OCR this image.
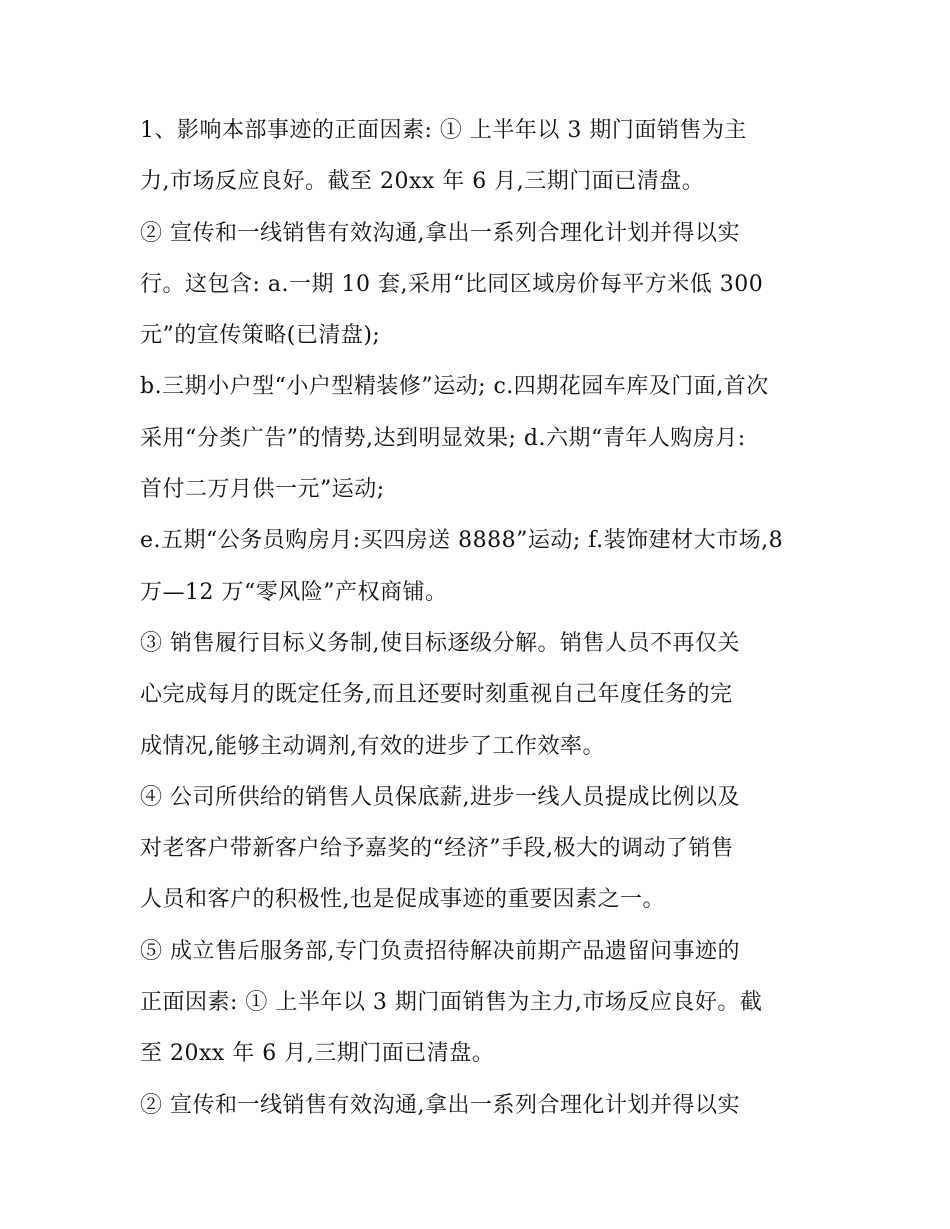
1、影响本部事迹的正面因素: ① 上半年以 3 期门面销售为主
力,市场反应良好。截至 20xx 年 6 月,三期门面已清盘。
② 宣传和一线销售有效沟通,拿出一系列合理化计划并得以实
行。这包含: a.一期 10 套,采用“比同区域房价每平方米低 300
元”的宣传策略(已清盘);
b.三期小户型“小户型精装修”运动; c.四期花园车库及门面,首次
采用“分类广告”的情势,达到明显效果; d.六期“青年人购房月:
首付二万月供一元”运动;
e.五期“公务员购房月:买四房送 8888”运动; f.装饰建材大市场,8
万—12 万“零风险”产权商铺。
③ 销售履行目标义务制,使目标逐级分解。销售人员不再仅关
心完成每月的既定任务,而且还要时刻重视自己年度任务的完
成情况,能够主动调剂,有效的进步了工作效率。
④ 公司所供给的销售人员保底薪,进步一线人员提成比例以及
对老客户带新客户给予嘉奖的“经济”手段,极大的调动了销售
人员和客户的积极性,也是促成事迹的重要因素之一。
⑤ 成立售后服务部,专门负责招待解决前期产品遗留问事迹的
正面因素: ① 上半年以 3 期门面销售为主力,市场反应良好。截
至 20xx 年 6 月,三期门面已清盘。
② 宣传和一线销售有效沟通,拿出一系列合理化计划并得以实
